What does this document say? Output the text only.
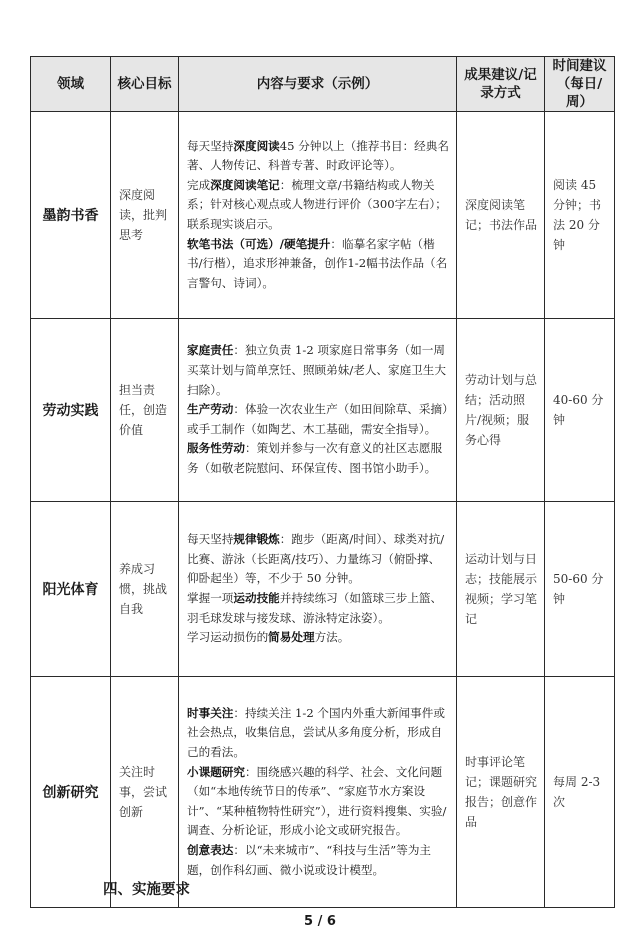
领域	核心目标	内容与要求（示例）	成果建议/记录方式	时间建议（每日/周）
墨韵书香	深度阅读，批判思考	每天坚持深度阅读45 分钟以上（推荐书目：经典名著、人物传记、科普专著、时政评论等）。

完成深度阅读笔记：梳理文章/书籍结构或人物关系；针对核心观点或人物进行评价（300字左右）；联系现实谈启示。

软笔书法（可选）/硬笔提升：临摹名家字帖（楷书/行楷），追求形神兼备，创作1-2幅书法作品（名言警句、诗词）。	深度阅读笔记；书法作品	阅读 45 分钟；书法 20 分钟
劳动实践	担当责任，创造价值	家庭责任：独立负责 1-2 项家庭日常事务（如一周买菜计划与简单烹饪、照顾弟妹/老人、家庭卫生大扫除）。

生产劳动：体验一次农业生产（如田间除草、采摘）或手工制作（如陶艺、木工基础，需安全指导）。

服务性劳动：策划并参与一次有意义的社区志愿服务（如敬老院慰问、环保宣传、图书馆小助手）。	劳动计划与总结；活动照片/视频；服务心得	40-60 分钟
阳光体育	养成习惯，挑战自我	每天坚持规律锻炼：跑步（距离/时间）、球类对抗/比赛、游泳（长距离/技巧）、力量练习（俯卧撑、仰卧起坐）等，不少于 50 分钟。

掌握一项运动技能并持续练习（如篮球三步上篮、羽毛球发球与接发球、游泳特定泳姿）。

学习运动损伤的简易处理方法。	运动计划与日志；技能展示视频；学习笔记	50-60 分钟
创新研究	关注时事，尝试创新	时事关注：持续关注 1-2 个国内外重大新闻事件或社会热点，收集信息，尝试从多角度分析，形成自己的看法。

小课题研究：围绕感兴趣的科学、社会、文化问题（如“本地传统节日的传承”、“家庭节水方案设计”、“某种植物特性研究”），进行资料搜集、实验/调查、分析论证，形成小论文或研究报告。

创意表达：以“未来城市”、“科技与生活”等为主题，创作科幻画、微小说或设计模型。	时事评论笔记；课题研究报告；创意作品	每周 2-3 次
四、实施要求
5 / 6
